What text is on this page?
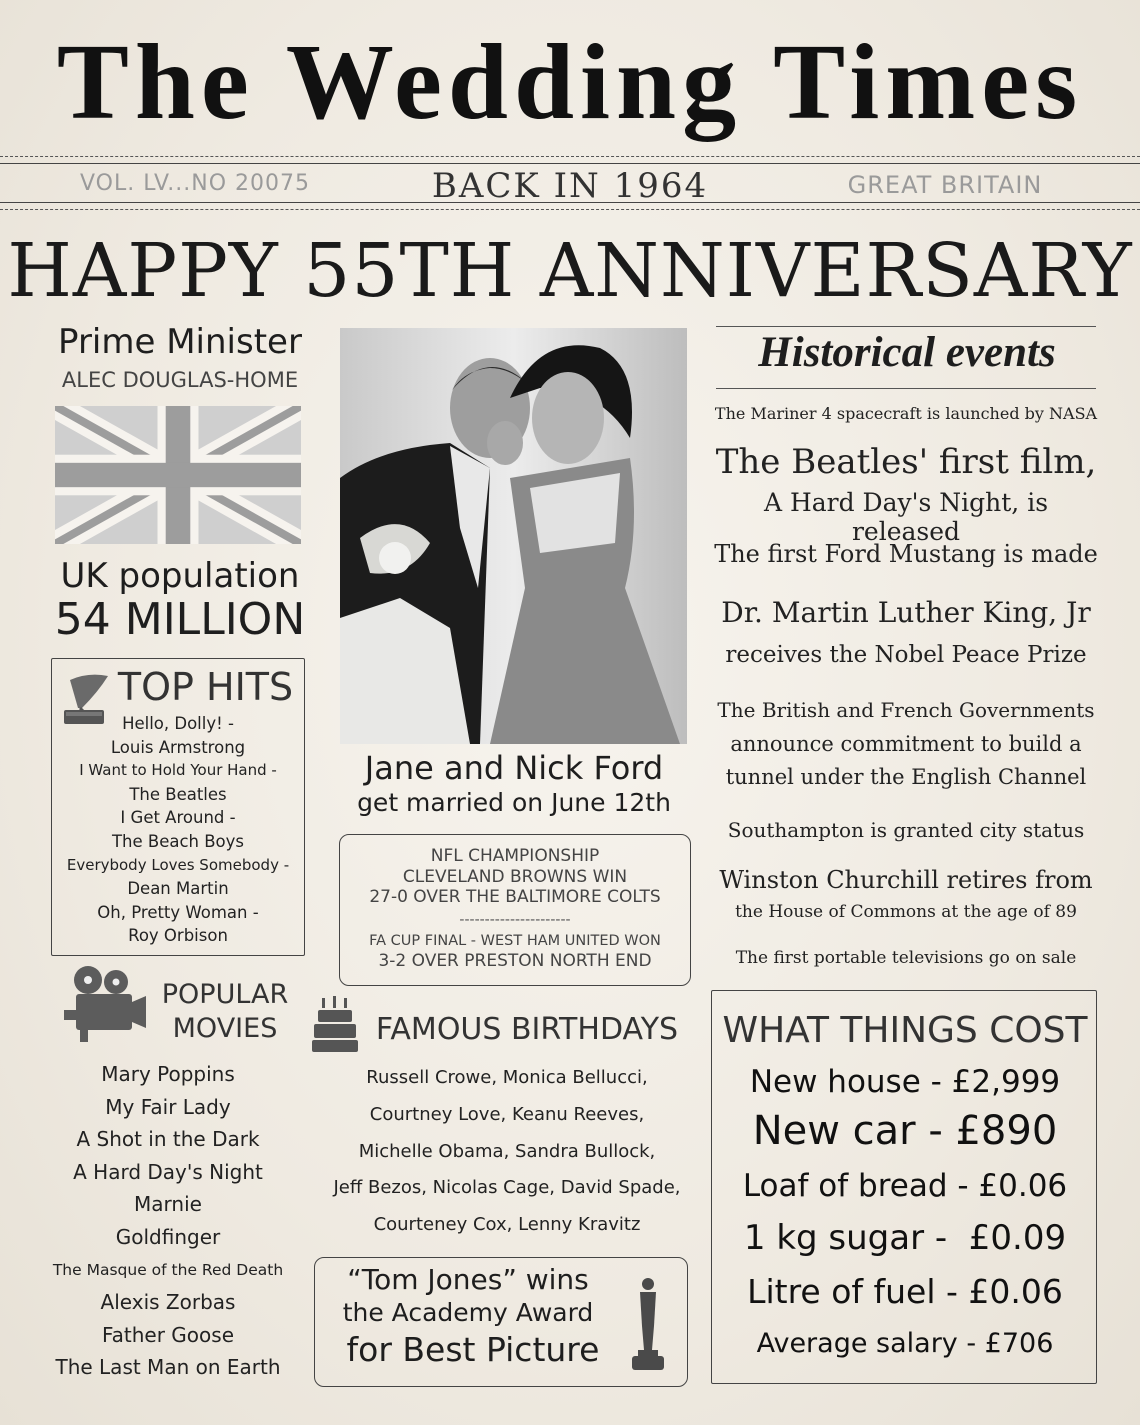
The Wedding Times
VOL. LV...NO 20075	BACK IN 1964	GREAT BRITAIN
HAPPY 55TH ANNIVERSARY
Prime Minister
ALEC DOUGLAS-HOME
UK population
54 MILLION
TOP HITS
Hello, Dolly! -
Louis Armstrong
I Want to Hold Your Hand -
The Beatles
I Get Around -
The Beach Boys
Everybody Loves Somebody -
Dean Martin
Oh, Pretty Woman -
Roy Orbison
POPULAR
MOVIES
Mary Poppins
My Fair Lady
A Shot in the Dark
A Hard Day's Night
Marnie
Goldfinger
The Masque of the Red Death
Alexis Zorbas
Father Goose
The Last Man on Earth
Jane and Nick Ford
get married on June 12th
NFL CHAMPIONSHIP
CLEVELAND BROWNS WIN
27-0 OVER THE BALTIMORE COLTS
----------------------
FA CUP FINAL - WEST HAM UNITED WON
3-2 OVER PRESTON NORTH END
FAMOUS BIRTHDAYS
Russell Crowe, Monica Bellucci,
Courtney Love, Keanu Reeves,
Michelle Obama, Sandra Bullock,
Jeff Bezos, Nicolas Cage, David Spade,
Courteney Cox, Lenny Kravitz
“Tom Jones” wins
the Academy Award
for Best Picture
Historical events
The Mariner 4 spacecraft is launched by NASA
The Beatles' first film,
A Hard Day's Night, is released
The first Ford Mustang is made
Dr. Martin Luther King, Jr
receives the Nobel Peace Prize
The British and French Governments
announce commitment to build a
tunnel under the English Channel
Southampton is granted city status
Winston Churchill retires from
the House of Commons at the age of 89
The first portable televisions go on sale
WHAT THINGS COST
New house - £2,999
New car - £890
Loaf of bread - £0.06
1 kg sugar -  £0.09
Litre of fuel - £0.06
Average salary - £706
